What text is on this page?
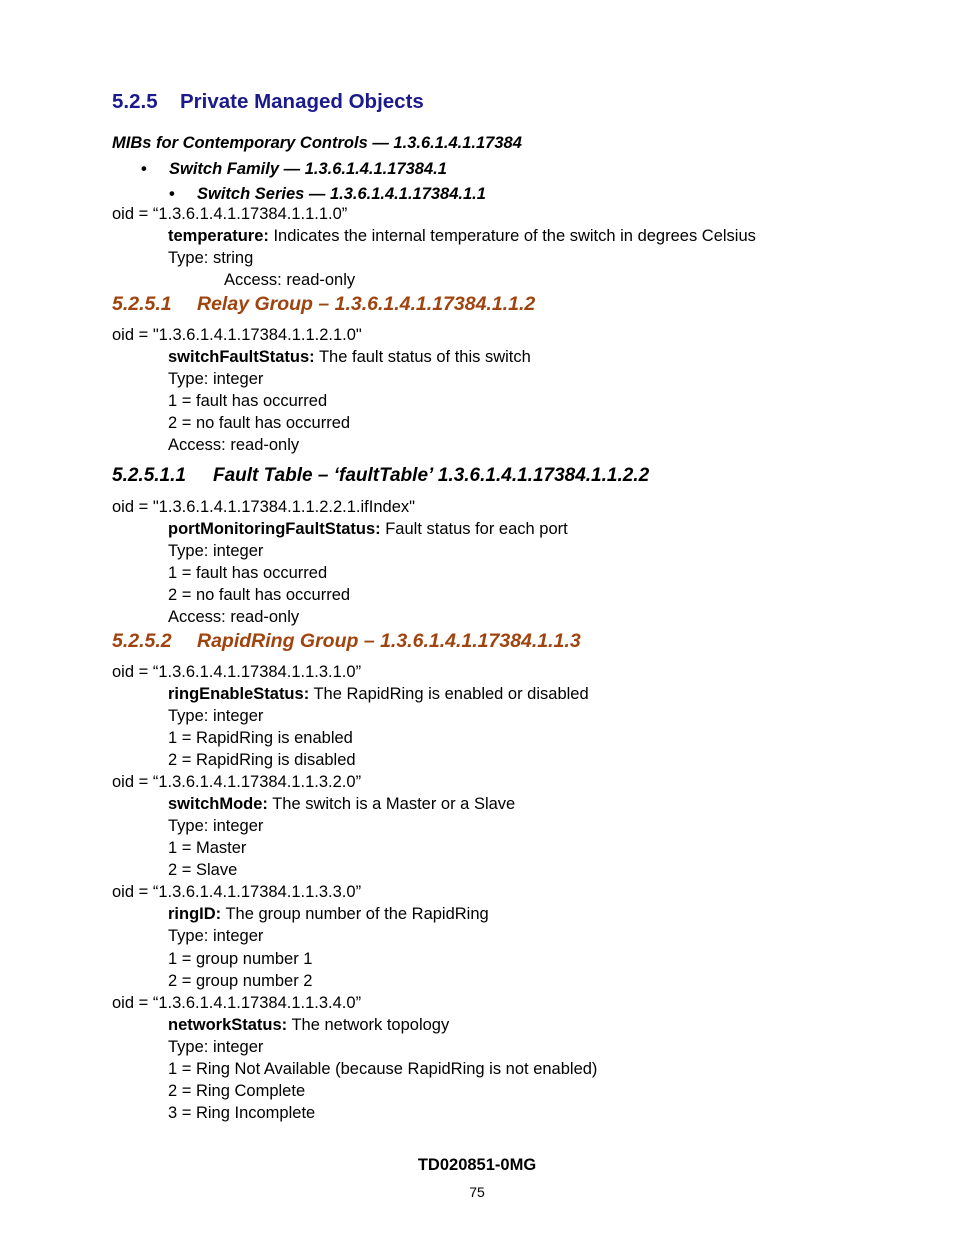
5.2.5 Private Managed Objects
MIBs for Contemporary Controls — 1.3.6.1.4.1.17384
• Switch Family — 1.3.6.1.4.1.17384.1
• Switch Series — 1.3.6.1.4.1.17384.1.1
oid = “1.3.6.1.4.1.17384.1.1.1.0”
temperature: Indicates the internal temperature of the switch in degrees Celsius
Type: string
Access: read-only
5.2.5.1 Relay Group – 1.3.6.1.4.1.17384.1.1.2
oid = "1.3.6.1.4.1.17384.1.1.2.1.0"
switchFaultStatus: The fault status of this switch
Type: integer
1 = fault has occurred
2 = no fault has occurred
Access: read-only
5.2.5.1.1 Fault Table – ‘faultTable’ 1.3.6.1.4.1.17384.1.1.2.2
oid = "1.3.6.1.4.1.17384.1.1.2.2.1.ifIndex"
portMonitoringFaultStatus: Fault status for each port
Type: integer
1 = fault has occurred
2 = no fault has occurred
Access: read-only
5.2.5.2 RapidRing Group – 1.3.6.1.4.1.17384.1.1.3
oid = “1.3.6.1.4.1.17384.1.1.3.1.0”
ringEnableStatus: The RapidRing is enabled or disabled
Type: integer
1 = RapidRing is enabled
2 = RapidRing is disabled
oid = “1.3.6.1.4.1.17384.1.1.3.2.0”
switchMode: The switch is a Master or a Slave
Type: integer
1 = Master
2 = Slave
oid = “1.3.6.1.4.1.17384.1.1.3.3.0”
ringID: The group number of the RapidRing
Type: integer
1 = group number 1
2 = group number 2
oid = “1.3.6.1.4.1.17384.1.1.3.4.0”
networkStatus: The network topology
Type: integer
1 = Ring Not Available (because RapidRing is not enabled)
2 = Ring Complete
3 = Ring Incomplete
TD020851-0MG
75
